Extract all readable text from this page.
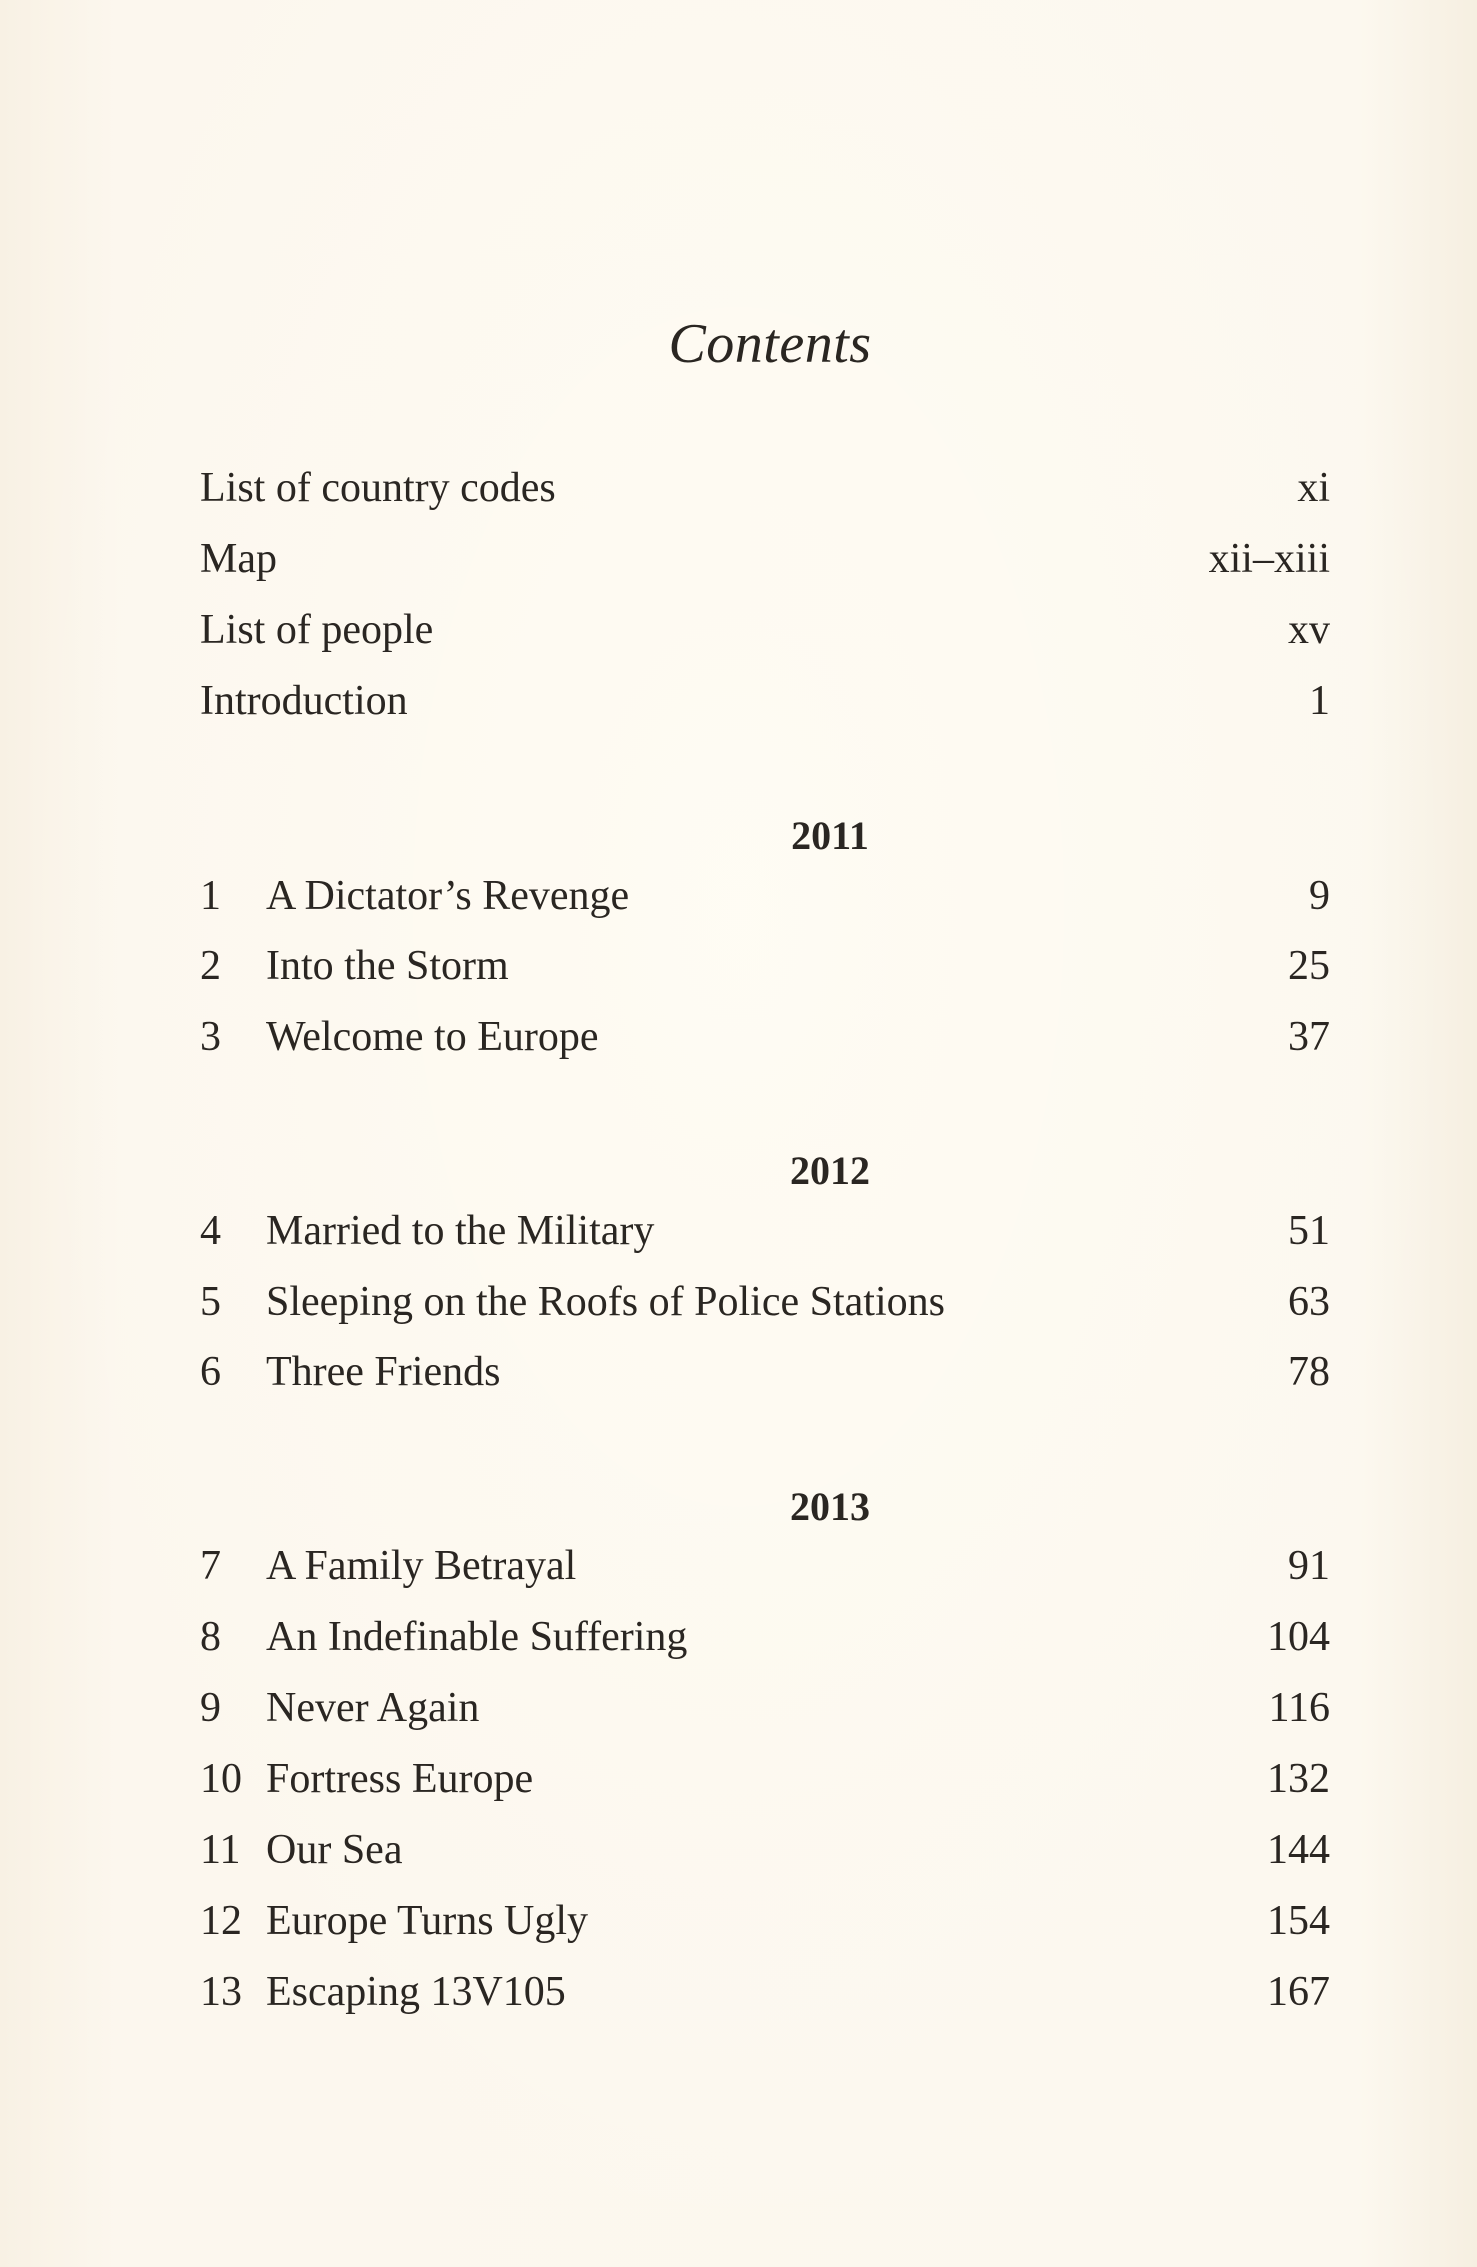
Contents
List of country codes	xi
Map	xii–xiii
List of people	xv
Introduction	1
2011
1	A Dictator’s Revenge	9
2	Into the Storm	25
3	Welcome to Europe	37
2012
4	Married to the Military	51
5	Sleeping on the Roofs of Police Stations	63
6	Three Friends	78
2013
7	A Family Betrayal	91
8	An Indefinable Suffering	104
9	Never Again	116
10 Fortress Europe	132
11 Our Sea	144
12 Europe Turns Ugly	154
13 Escaping 13V105	167
